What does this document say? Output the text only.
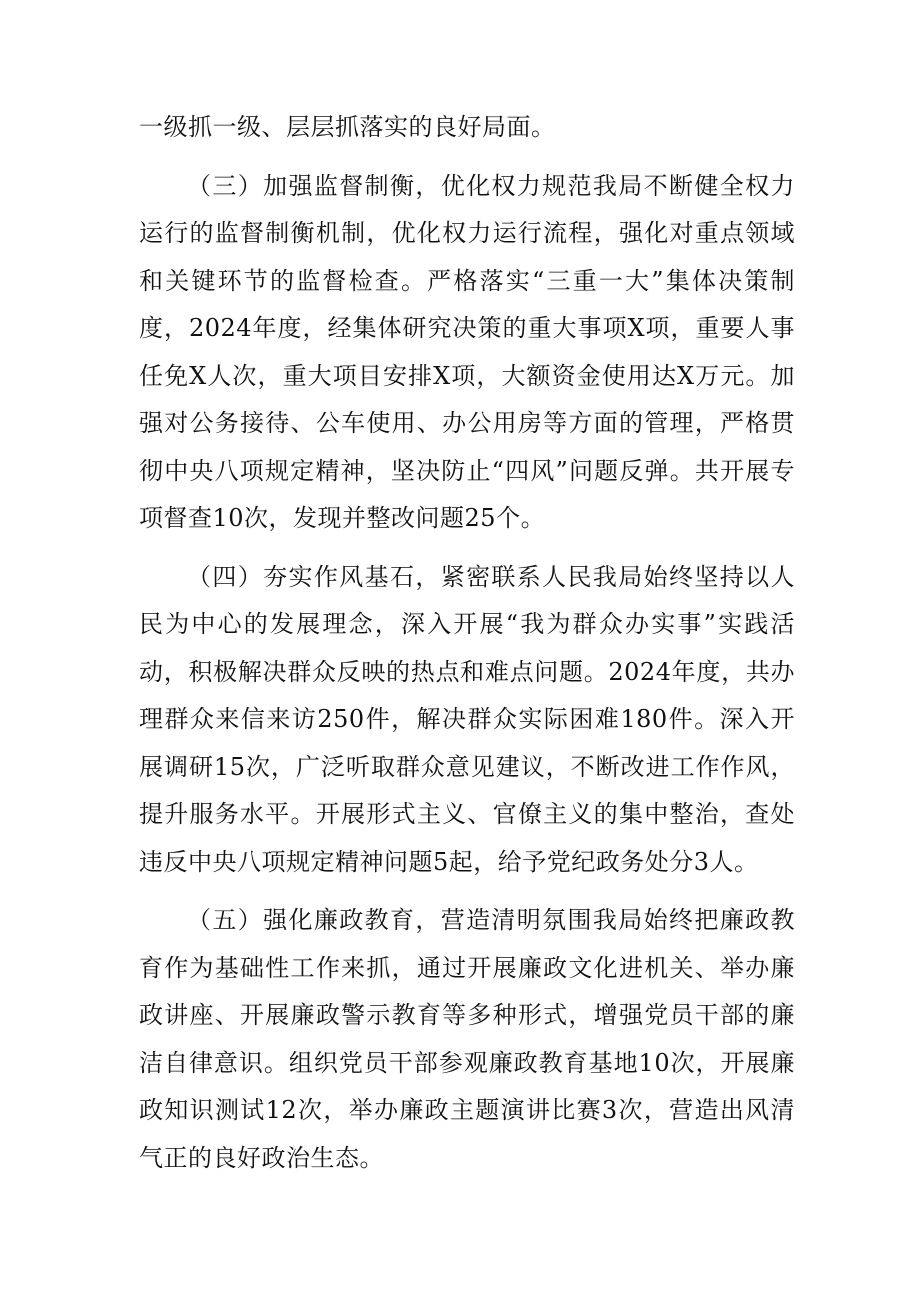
一级抓一级、层层抓落实的良好局面。

（三）加强监督制衡，优化权力规范我局不断健全权力运行的监督制衡机制，优化权力运行流程，强化对重点领域和关键环节的监督检查。严格落实“三重一大”集体决策制度，2024年度，经集体研究决策的重大事项X项，重要人事任免X人次，重大项目安排X项，大额资金使用达X万元。加强对公务接待、公车使用、办公用房等方面的管理，严格贯彻中央八项规定精神，坚决防止“四风”问题反弹。共开展专项督查10次，发现并整改问题25个。

（四）夯实作风基石，紧密联系人民我局始终坚持以人民为中心的发展理念，深入开展“我为群众办实事”实践活动，积极解决群众反映的热点和难点问题。2024年度，共办理群众来信来访250件，解决群众实际困难180件。深入开展调研15次，广泛听取群众意见建议，不断改进工作作风，提升服务水平。开展形式主义、官僚主义的集中整治，查处违反中央八项规定精神问题5起，给予党纪政务处分3人。

（五）强化廉政教育，营造清明氛围我局始终把廉政教育作为基础性工作来抓，通过开展廉政文化进机关、举办廉政讲座、开展廉政警示教育等多种形式，增强党员干部的廉洁自律意识。组织党员干部参观廉政教育基地10次，开展廉政知识测试12次，举办廉政主题演讲比赛3次，营造出风清气正的良好政治生态。
